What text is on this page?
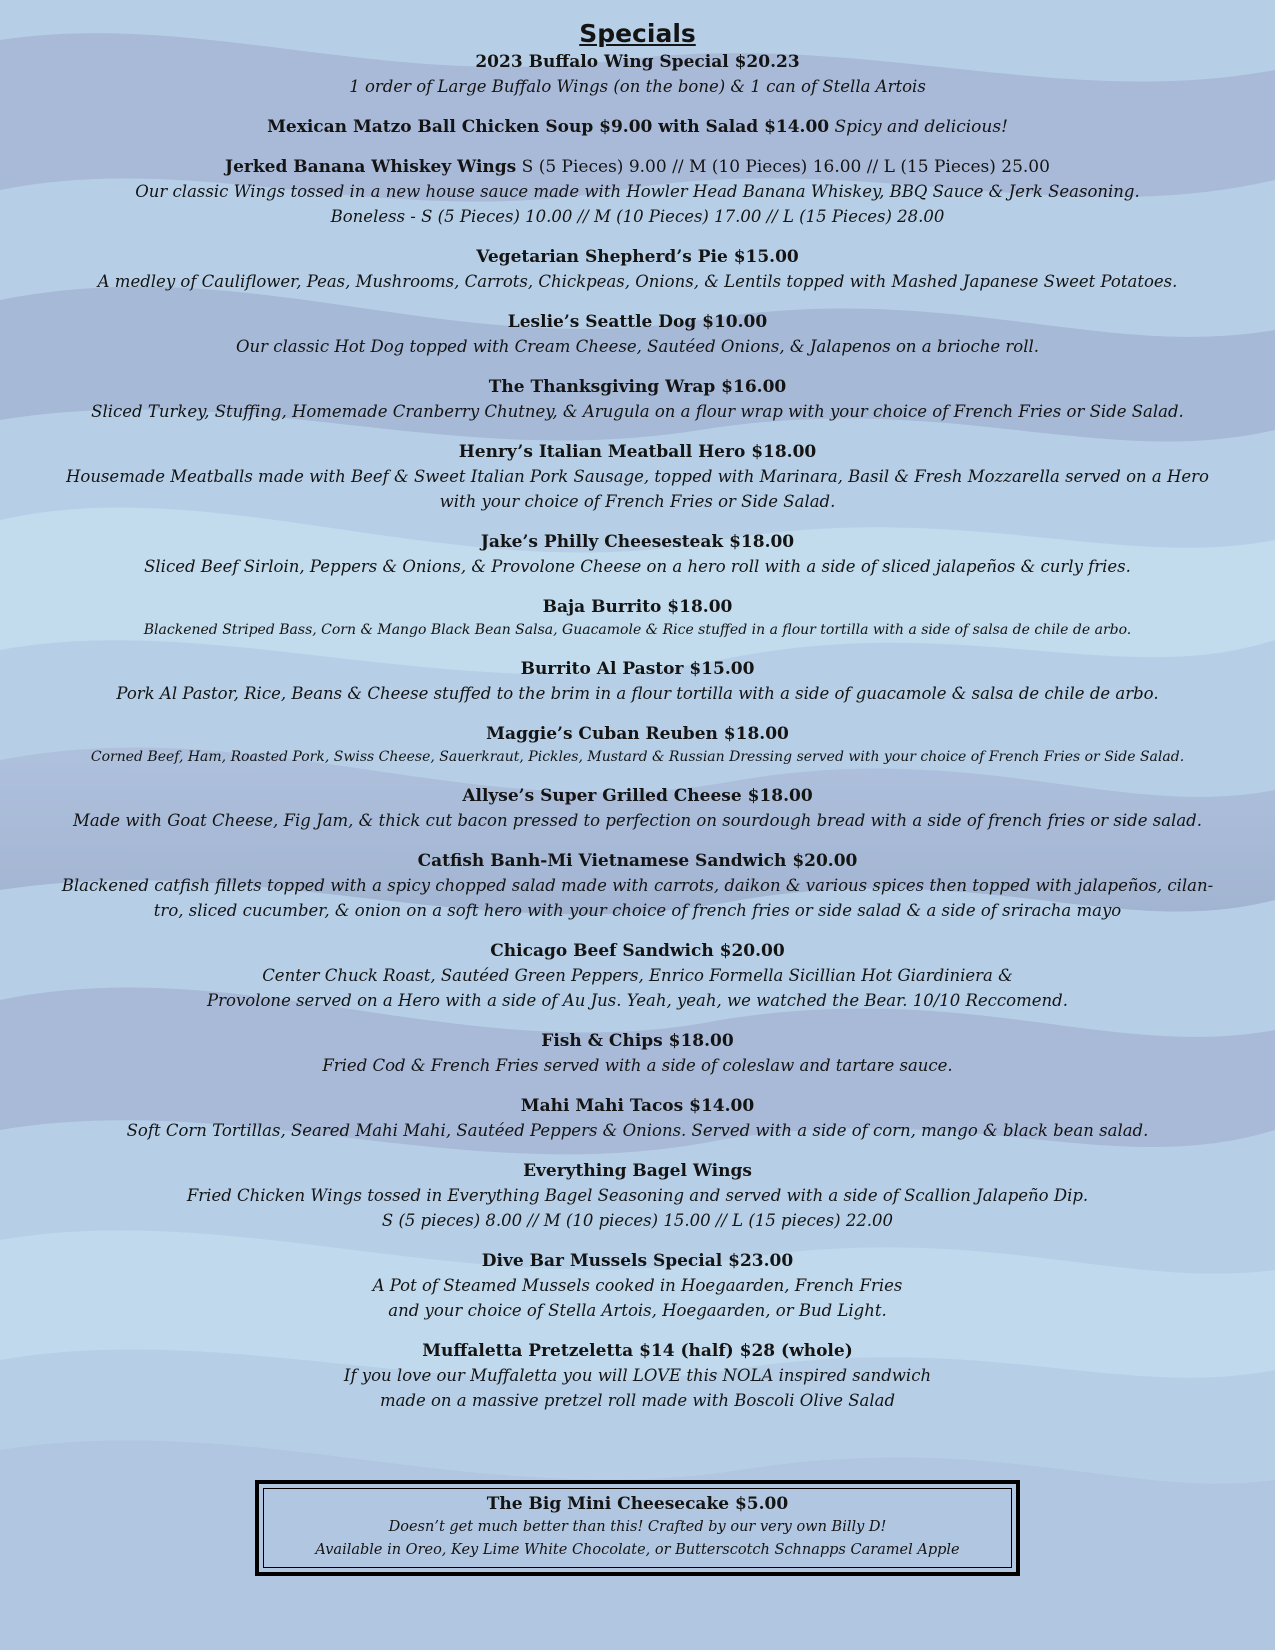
Specials
2023 Buffalo Wing Special $20.23
1 order of Large Buffalo Wings (on the bone) & 1 can of Stella Artois
Mexican Matzo Ball Chicken Soup $9.00 with Salad $14.00 Spicy and delicious!
Jerked Banana Whiskey Wings S (5 Pieces) 9.00 // M (10 Pieces) 16.00 // L (15 Pieces) 25.00
Our classic Wings tossed in a new house sauce made with Howler Head Banana Whiskey, BBQ Sauce & Jerk Seasoning.
Boneless - S (5 Pieces) 10.00 // M (10 Pieces) 17.00 // L (15 Pieces) 28.00
Vegetarian Shepherd’s Pie $15.00
A medley of Cauliflower, Peas, Mushrooms, Carrots, Chickpeas, Onions, & Lentils topped with Mashed Japanese Sweet Potatoes.
Leslie’s Seattle Dog $10.00
Our classic Hot Dog topped with Cream Cheese, Sautéed Onions, & Jalapenos on a brioche roll.
The Thanksgiving Wrap $16.00
Sliced Turkey, Stuffing, Homemade Cranberry Chutney, & Arugula on a flour wrap with your choice of French Fries or Side Salad.
Henry’s Italian Meatball Hero $18.00
Housemade Meatballs made with Beef & Sweet Italian Pork Sausage, topped with Marinara, Basil & Fresh Mozzarella served on a Hero
with your choice of French Fries or Side Salad.
Jake’s Philly Cheesesteak $18.00
Sliced Beef Sirloin, Peppers & Onions, & Provolone Cheese on a hero roll with a side of sliced jalapeños & curly fries.
Baja Burrito $18.00
Blackened Striped Bass, Corn & Mango Black Bean Salsa, Guacamole & Rice stuffed in a flour tortilla with a side of salsa de chile de arbo.
Burrito Al Pastor $15.00
Pork Al Pastor, Rice, Beans & Cheese stuffed to the brim in a flour tortilla with a side of guacamole & salsa de chile de arbo.
Maggie’s Cuban Reuben $18.00
Corned Beef, Ham, Roasted Pork, Swiss Cheese, Sauerkraut, Pickles, Mustard & Russian Dressing served with your choice of French Fries or Side Salad.
Allyse’s Super Grilled Cheese $18.00
Made with Goat Cheese, Fig Jam, & thick cut bacon pressed to perfection on sourdough bread with a side of french fries or side salad.
Catfish Banh-Mi Vietnamese Sandwich $20.00
Blackened catfish fillets topped with a spicy chopped salad made with carrots, daikon & various spices then topped with jalapeños, cilan-
tro, sliced cucumber, & onion on a soft hero with your choice of french fries or side salad & a side of sriracha mayo
Chicago Beef Sandwich $20.00
Center Chuck Roast, Sautéed Green Peppers, Enrico Formella Sicillian Hot Giardiniera &
Provolone served on a Hero with a side of Au Jus. Yeah, yeah, we watched the Bear. 10/10 Reccomend.
Fish & Chips $18.00
Fried Cod & French Fries served with a side of coleslaw and tartare sauce.
Mahi Mahi Tacos $14.00
Soft Corn Tortillas, Seared Mahi Mahi, Sautéed Peppers & Onions. Served with a side of corn, mango & black bean salad.
Everything Bagel Wings
Fried Chicken Wings tossed in Everything Bagel Seasoning and served with a side of Scallion Jalapeño Dip.
S (5 pieces) 8.00 // M (10 pieces) 15.00 // L (15 pieces) 22.00
Dive Bar Mussels Special $23.00
A Pot of Steamed Mussels cooked in Hoegaarden, French Fries
and your choice of Stella Artois, Hoegaarden, or Bud Light.
Muffaletta Pretzeletta $14 (half) $28 (whole)
If you love our Muffaletta you will LOVE this NOLA inspired sandwich
made on a massive pretzel roll made with Boscoli Olive Salad
The Big Mini Cheesecake $5.00
Doesn’t get much better than this! Crafted by our very own Billy D!
Available in Oreo, Key Lime White Chocolate, or Butterscotch Schnapps Caramel Apple
